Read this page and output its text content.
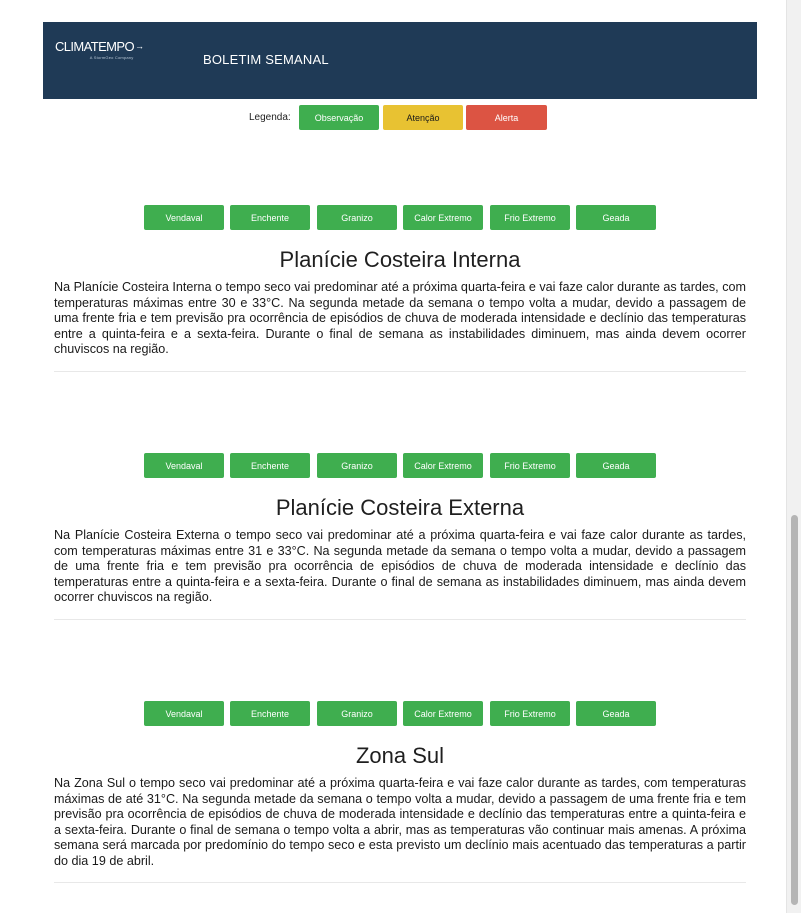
CLIMATEMPO →
A StormGeo Company	BOLETIM SEMANAL
Legenda:	Observação	Atenção	Alerta
Vendaval	Enchente	Granizo	Calor Extremo	Frio Extremo	Geada
Planície Costeira Interna

Na Planície Costeira Interna o tempo seco vai predominar até a próxima quarta-feira e vai faze calor durante as tardes, com temperaturas máximas entre 30 e 33°C. Na segunda metade da semana o tempo volta a mudar, devido a passagem de uma frente fria e tem previsão pra ocorrência de episódios de chuva de moderada intensidade e declínio das temperaturas entre a quinta-feira e a sexta-feira. Durante o final de semana as instabilidades diminuem, mas ainda devem ocorrer chuviscos na região.

Vendaval	Enchente	Granizo	Calor Extremo	Frio Extremo	Geada
Planície Costeira Externa

Na Planície Costeira Externa o tempo seco vai predominar até a próxima quarta-feira e vai faze calor durante as tardes, com temperaturas máximas entre 31 e 33°C. Na segunda metade da semana o tempo volta a mudar, devido a passagem de uma frente fria e tem previsão pra ocorrência de episódios de chuva de moderada intensidade e declínio das temperaturas entre a quinta-feira e a sexta-feira. Durante o final de semana as instabilidades diminuem, mas ainda devem ocorrer chuviscos na região.

Vendaval	Enchente	Granizo	Calor Extremo	Frio Extremo	Geada
Zona Sul

Na Zona Sul o tempo seco vai predominar até a próxima quarta-feira e vai faze calor durante as tardes, com temperaturas máximas de até 31°C. Na segunda metade da semana o tempo volta a mudar, devido a passagem de uma frente fria e tem previsão pra ocorrência de episódios de chuva de moderada intensidade e declínio das temperaturas entre a quinta-feira e a sexta-feira. Durante o final de semana o tempo volta a abrir, mas as temperaturas vão continuar mais amenas. A próxima semana será marcada por predomínio do tempo seco e esta previsto um declínio mais acentuado das temperaturas a partir do dia 19 de abril.
